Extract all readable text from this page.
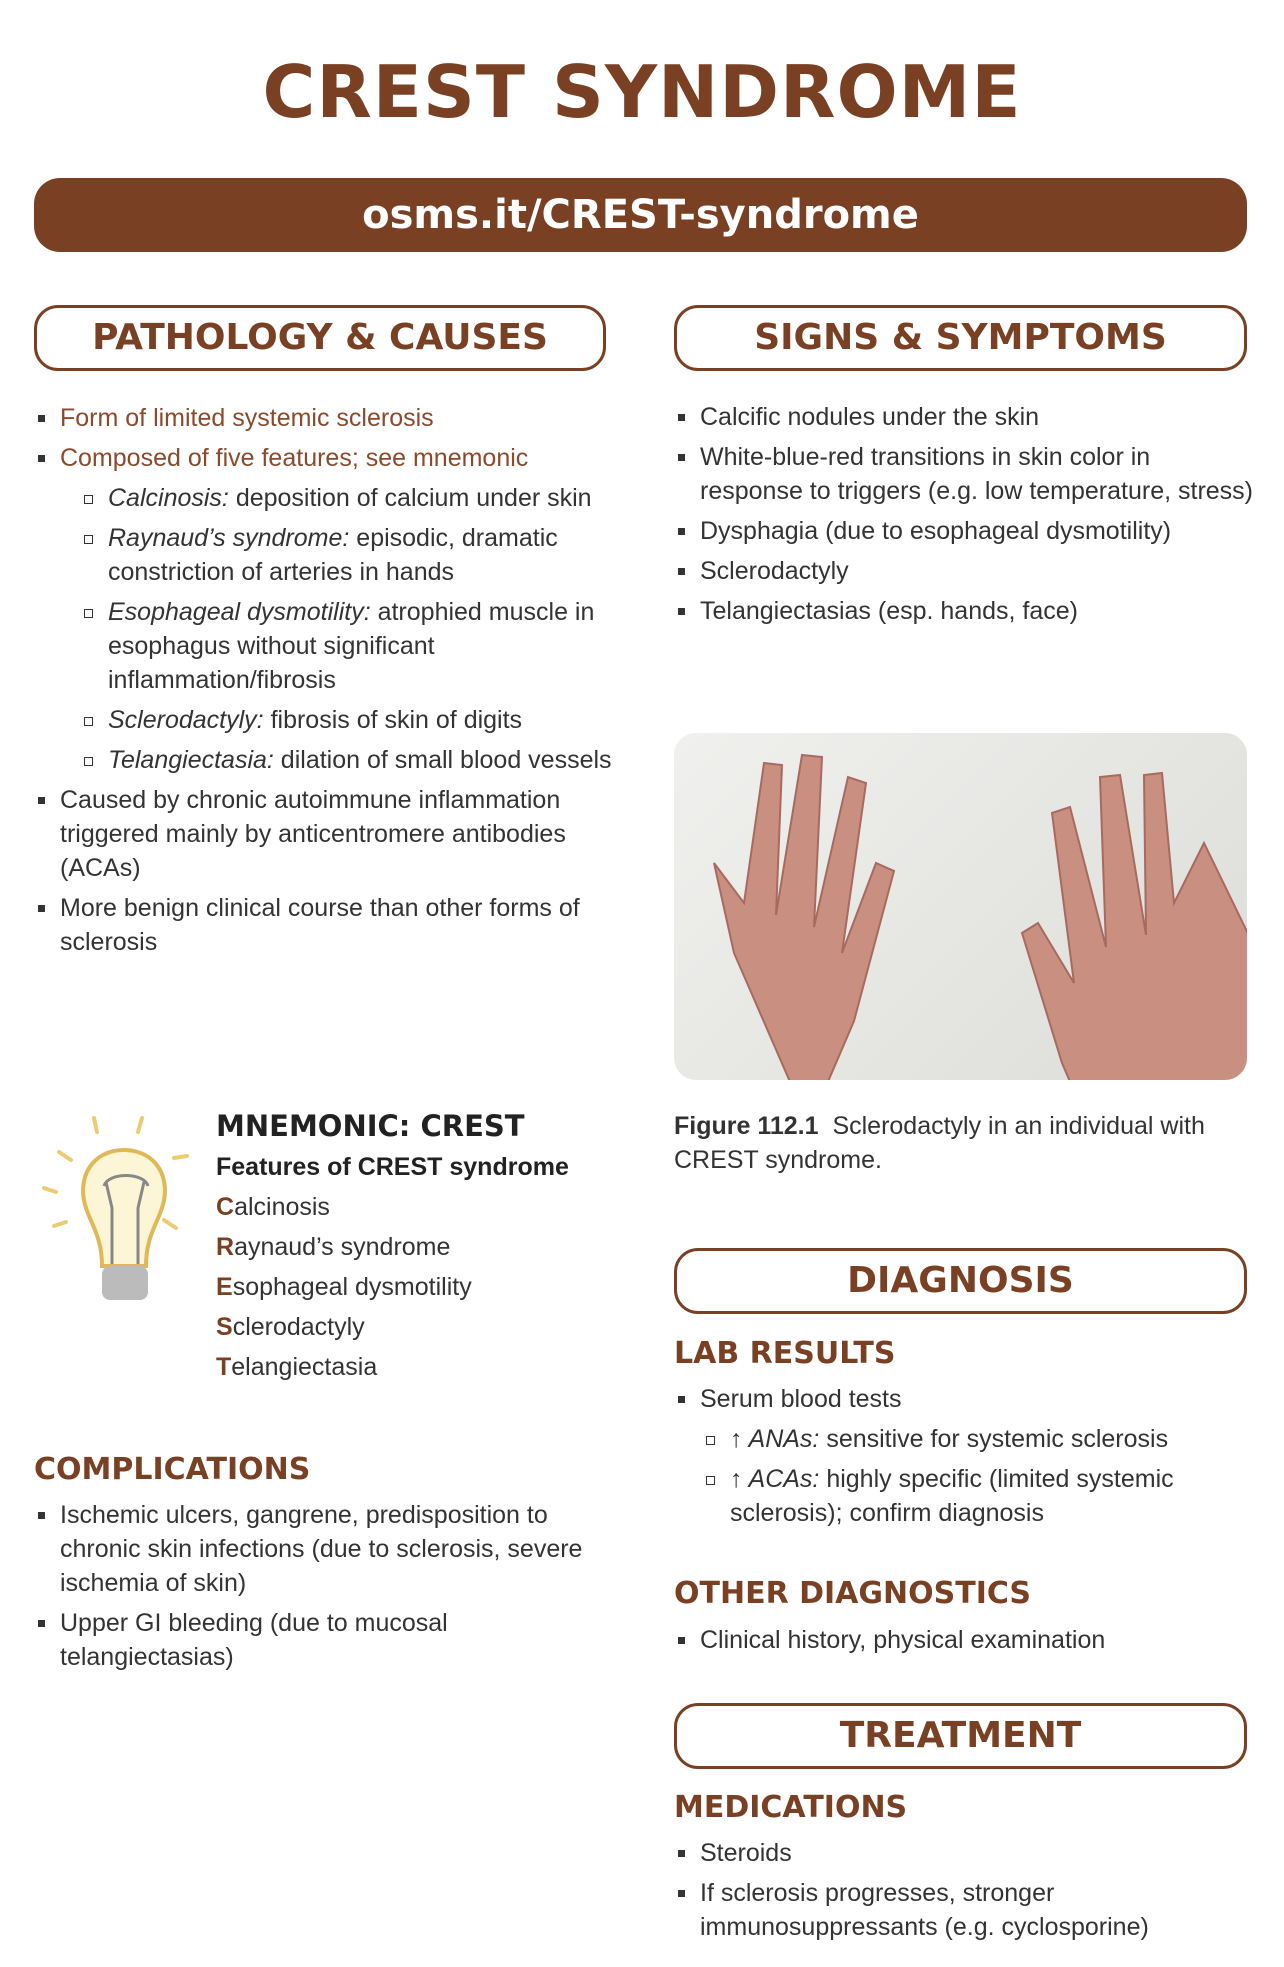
CREST SYNDROME
osms.it/CREST-syndrome
PATHOLOGY & CAUSES
Form of limited systemic sclerosis
Composed of five features; see mnemonic
Calcinosis: deposition of calcium under skin
Raynaud’s syndrome: episodic, dramatic constriction of arteries in hands
Esophageal dysmotility: atrophied muscle in esophagus without significant inflammation/fibrosis
Sclerodactyly: fibrosis of skin of digits
Telangiectasia: dilation of small blood vessels
Caused by chronic autoimmune inflammation triggered mainly by anticentromere antibodies (ACAs)
More benign clinical course than other forms of sclerosis
MNEMONIC: CREST
Features of CREST syndrome
Calcinosis
Raynaud’s syndrome
Esophageal dysmotility
Sclerodactyly
Telangiectasia
COMPLICATIONS
Ischemic ulcers, gangrene, predisposition to chronic skin infections (due to sclerosis, severe ischemia of skin)
Upper GI bleeding (due to mucosal telangiectasias)
SIGNS & SYMPTOMS
Calcific nodules under the skin
White-blue-red transitions in skin color in response to triggers (e.g. low temperature, stress)
Dysphagia (due to esophageal dysmotility)
Sclerodactyly
Telangiectasias (esp. hands, face)
Figure 112.1 Sclerodactyly in an individual with CREST syndrome.
DIAGNOSIS
LAB RESULTS
Serum blood tests
↑ ANAs: sensitive for systemic sclerosis
↑ ACAs: highly specific (limited systemic sclerosis); confirm diagnosis
OTHER DIAGNOSTICS
Clinical history, physical examination
TREATMENT
MEDICATIONS
Steroids
If sclerosis progresses, stronger immunosuppressants (e.g. cyclosporine)
